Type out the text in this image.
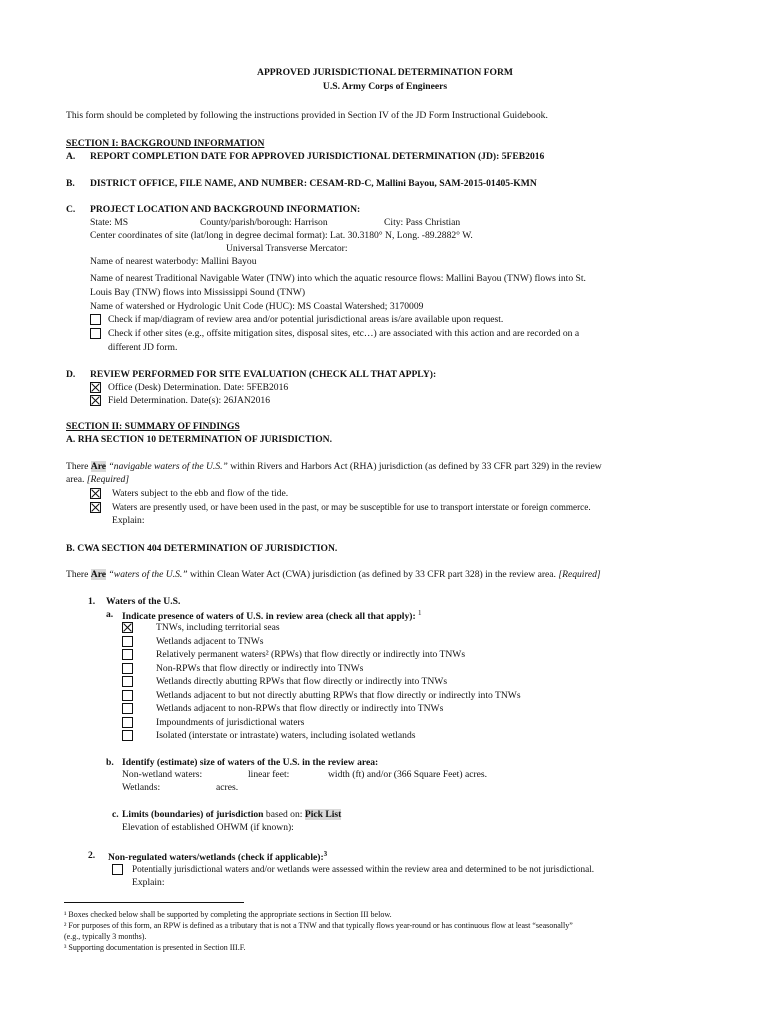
APPROVED JURISDICTIONAL DETERMINATION FORM
U.S. Army Corps of Engineers
This form should be completed by following the instructions provided in Section IV of the JD Form Instructional Guidebook.
SECTION I: BACKGROUND INFORMATION
A. REPORT COMPLETION DATE FOR APPROVED JURISDICTIONAL DETERMINATION (JD): 5FEB2016
B. DISTRICT OFFICE, FILE NAME, AND NUMBER: CESAM-RD-C, Mallini Bayou, SAM-2015-01405-KMN
C. PROJECT LOCATION AND BACKGROUND INFORMATION:
State: MS	County/parish/borough: Harrison	City: Pass Christian
Center coordinates of site (lat/long in degree decimal format): Lat. 30.3180° N, Long. -89.2882° W.
Universal Transverse Mercator:
Name of nearest waterbody: Mallini Bayou
Name of nearest Traditional Navigable Water (TNW) into which the aquatic resource flows: Mallini Bayou (TNW) flows into St.
Louis Bay (TNW) flows into Mississippi Sound (TNW)
Name of watershed or Hydrologic Unit Code (HUC): MS Coastal Watershed; 3170009
Check if map/diagram of review area and/or potential jurisdictional areas is/are available upon request.
Check if other sites (e.g., offsite mitigation sites, disposal sites, etc…) are associated with this action and are recorded on a
different JD form.
D. REVIEW PERFORMED FOR SITE EVALUATION (CHECK ALL THAT APPLY):
Office (Desk) Determination. Date: 5FEB2016
Field Determination. Date(s): 26JAN2016
SECTION II: SUMMARY OF FINDINGS
A. RHA SECTION 10 DETERMINATION OF JURISDICTION.
There Are “navigable waters of the U.S.” within Rivers and Harbors Act (RHA) jurisdiction (as defined by 33 CFR part 329) in the review
area. [Required]
Waters subject to the ebb and flow of the tide.
Waters are presently used, or have been used in the past, or may be susceptible for use to transport interstate or foreign commerce.
Explain:
B. CWA SECTION 404 DETERMINATION OF JURISDICTION.
There Are “waters of the U.S.” within Clean Water Act (CWA) jurisdiction (as defined by 33 CFR part 328) in the review area. [Required]
1. Waters of the U.S.
a. Indicate presence of waters of U.S. in review area (check all that apply): $^1$
TNWs, including territorial seas
Wetlands adjacent to TNWs
Relatively permanent waters² (RPWs) that flow directly or indirectly into TNWs
Non-RPWs that flow directly or indirectly into TNWs
Wetlands directly abutting RPWs that flow directly or indirectly into TNWs
Wetlands adjacent to but not directly abutting RPWs that flow directly or indirectly into TNWs
Wetlands adjacent to non-RPWs that flow directly or indirectly into TNWs
Impoundments of jurisdictional waters
Isolated (interstate or intrastate) waters, including isolated wetlands
b. Identify (estimate) size of waters of the U.S. in the review area:
Non-wetland waters:	linear feet:	width (ft) and/or (366 Square Feet) acres.
Wetlands:	acres.
c. Limits (boundaries) of jurisdiction based on: Pick List
Elevation of established OHWM (if known):
2. Non-regulated waters/wetlands (check if applicable):$^3$
Potentially jurisdictional waters and/or wetlands were assessed within the review area and determined to be not jurisdictional.
Explain:
¹ Boxes checked below shall be supported by completing the appropriate sections in Section III below.
² For purposes of this form, an RPW is defined as a tributary that is not a TNW and that typically flows year-round or has continuous flow at least “seasonally”
(e.g., typically 3 months).
³ Supporting documentation is presented in Section III.F.
